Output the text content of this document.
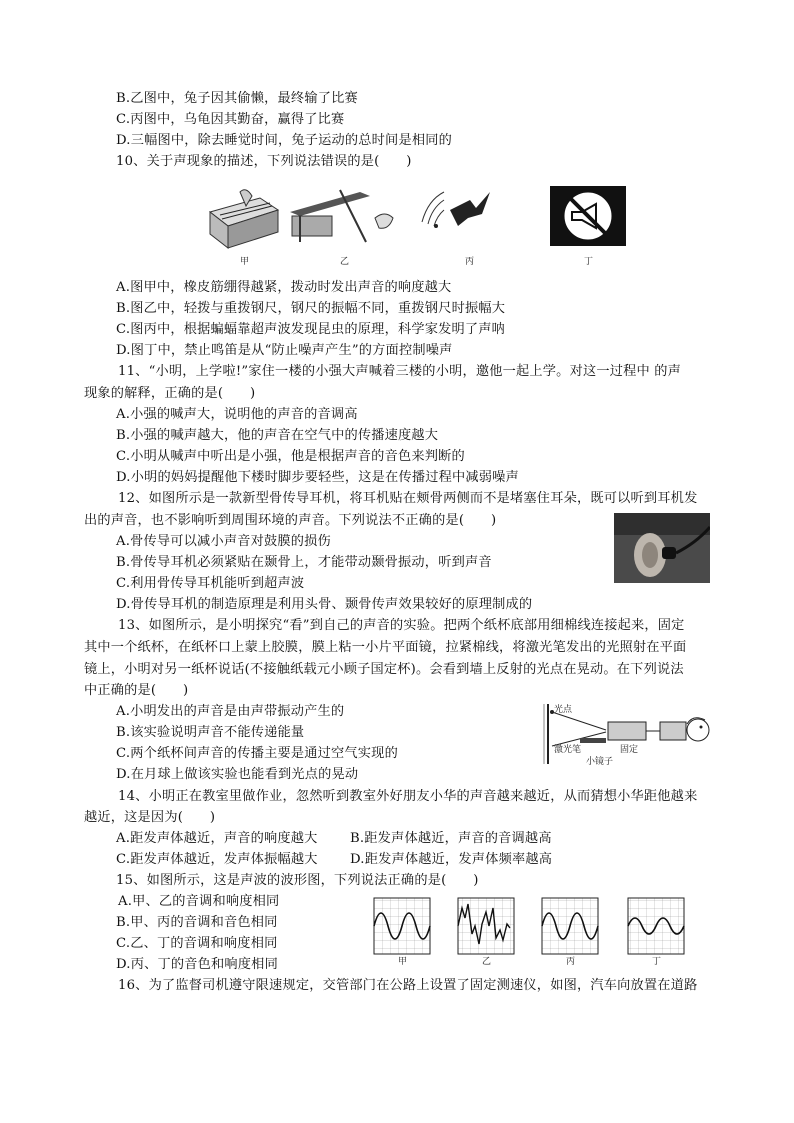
B.乙图中，兔子因其偷懒，最终输了比赛
C.丙图中，乌龟因其勤奋，赢得了比赛
D.三幅图中，除去睡觉时间，兔子运动的总时间是相同的
10、关于声现象的描述，下列说法错误的是(　　)
甲	乙	丙	丁
A.图甲中，橡皮筋绷得越紧，拨动时发出声音的响度越大
B.图乙中，轻拨与重拨钢尺，钢尺的振幅不同，重拨钢尺时振幅大
C.图丙中，根据蝙蝠靠超声波发现昆虫的原理，科学家发明了声呐
D.图丁中，禁止鸣笛是从“防止噪声产生”的方面控制噪声
11、“小明，上学啦!”家住一楼的小强大声喊着三楼的小明，邀他一起上学。对这一过程中 的声
现象的解释，正确的是(　　)
A.小强的喊声大，说明他的声音的音调高
B.小强的喊声越大，他的声音在空气中的传播速度越大
C.小明从喊声中听出是小强，他是根据声音的音色来判断的
D.小明的妈妈提醒他下楼时脚步要轻些，这是在传播过程中减弱噪声
12、如图所示是一款新型骨传导耳机，将耳机贴在颊骨两侧而不是堵塞住耳朵，既可以听到耳机发
出的声音，也不影响听到周围环境的声音。下列说法不正确的是(　　)
A.骨传导可以减小声音对鼓膜的损伤
B.骨传导耳机必须紧贴在颞骨上，才能带动颞骨振动，听到声音
C.利用骨传导耳机能听到超声波
D.骨传导耳机的制造原理是利用头骨、颞骨传声效果较好的原理制成的
13、如图所示，是小明探究“看”到自己的声音的实验。把两个纸杯底部用细棉线连接起来，固定
其中一个纸杯，在纸杯口上蒙上胶膜，膜上粘一小片平面镜，拉紧棉线，将激光笔发出的光照射在平面
镜上，小明对另一纸杯说话(不接触纸载元小顾子国定杯)。会看到墙上反射的光点在晃动。在下列说法
中正确的是(　　)
A.小明发出的声音是由声带振动产生的
B.该实验说明声音不能传递能量
C.两个纸杯间声音的传播主要是通过空气实现的
D.在月球上做该实验也能看到光点的晃动
光点
激光笔	固定
小镜子
14、小明正在教室里做作业，忽然听到教室外好朋友小华的声音越来越近，从而猜想小华距他越来
越近，这是因为(　　)
A.距发声体越近，声音的响度越大 B.距发声体越近，声音的音调越高
C.距发声体越近，发声体振幅越大 D.距发声体越近，发声体频率越高
15、如图所示，这是声波的波形图，下列说法正确的是(　　)
A.甲、乙的音调和响度相同
B.甲、丙的音调和音色相同
C.乙、丁的音调和响度相同
D.丙、丁的音色和响度相同	甲	乙	丙	丁
16、为了监督司机遵守限速规定，交管部门在公路上设置了固定测速仪，如图，汽车向放置在道路
